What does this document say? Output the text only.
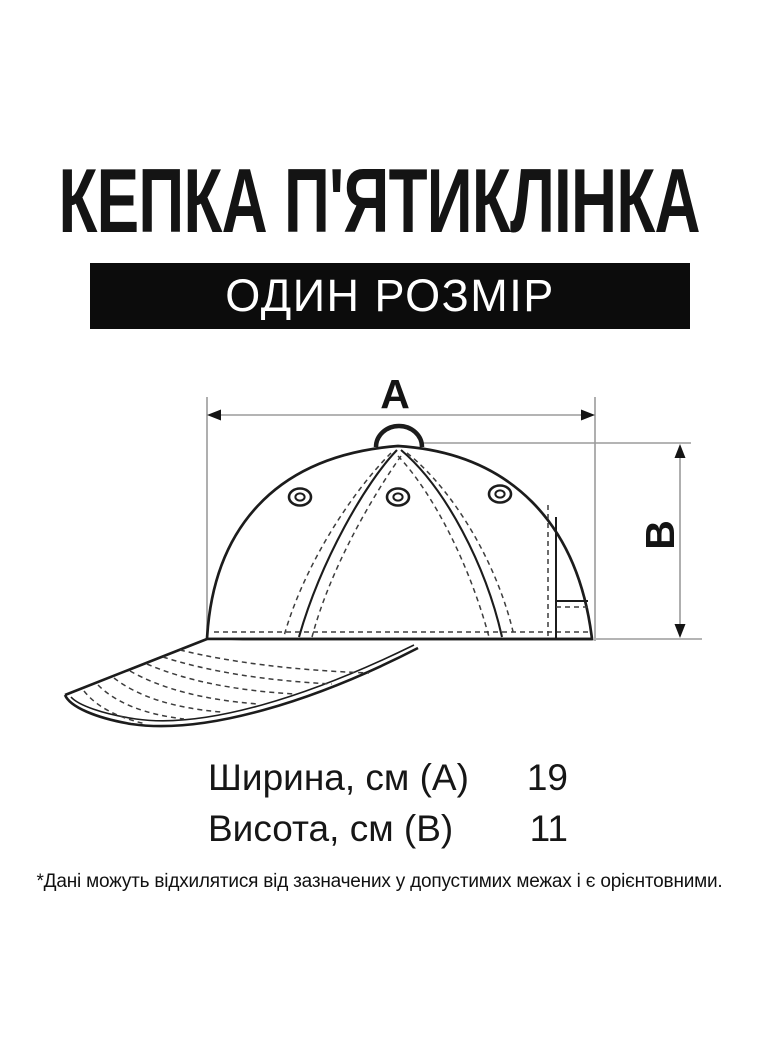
КЕПКА П'ЯТИКЛІНКА
ОДИН РОЗМІР
A
B
Ширина, см (A) 19
Висота, см (B) 11
*Дані можуть відхилятися від зазначених у допустимих межах і є орієнтовними.
